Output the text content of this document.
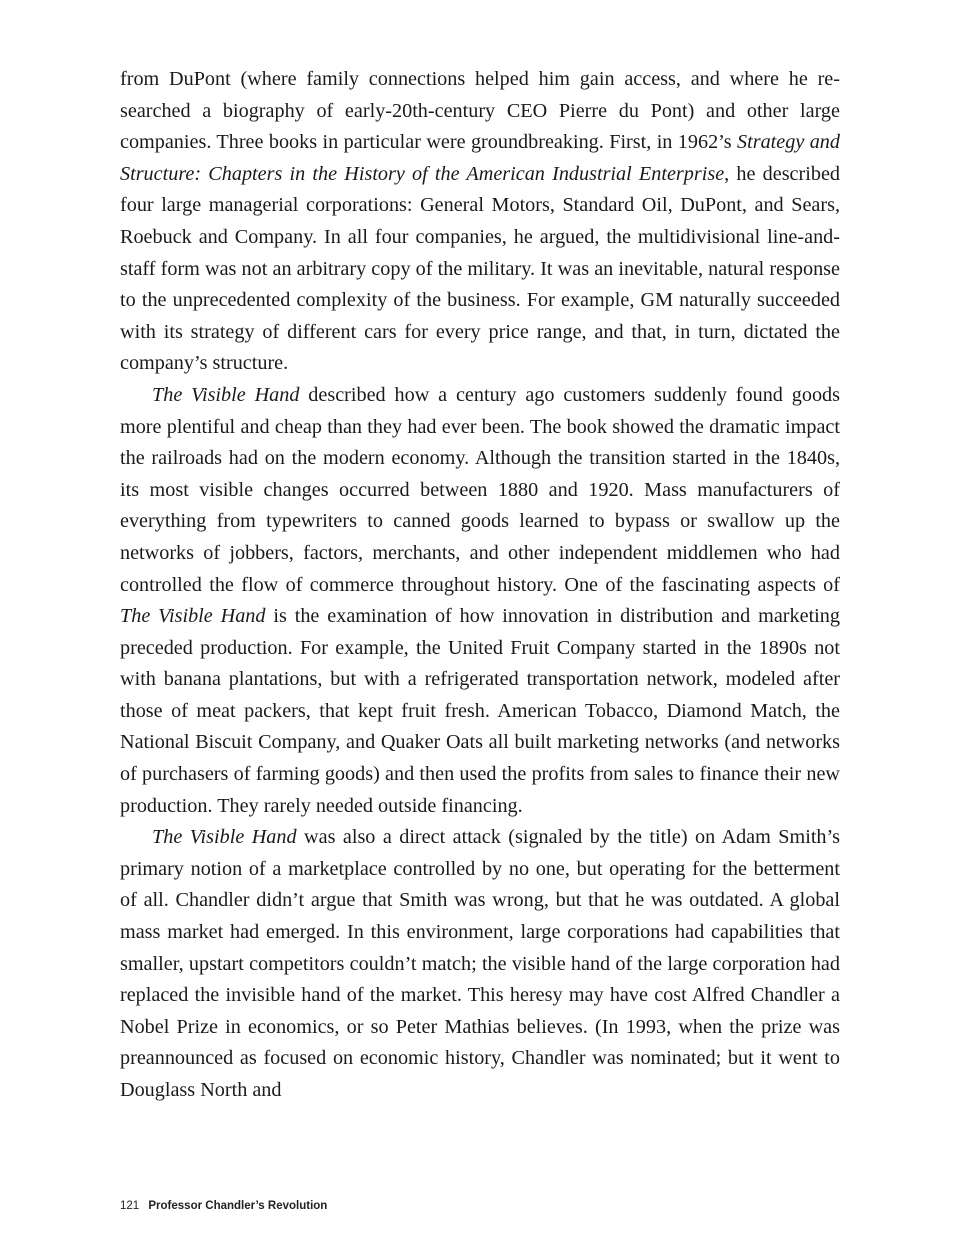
from DuPont (where family connections helped him gain access, and where he researched a biography of early-20th-century CEO Pierre du Pont) and other large companies. Three books in particular were groundbreaking. First, in 1962’s Strategy and Structure: Chapters in the History of the American Industrial Enterprise, he described four large managerial corporations: General Motors, Standard Oil, DuPont, and Sears, Roebuck and Company. In all four companies, he argued, the multidivisional line-and-staff form was not an arbitrary copy of the military. It was an inevitable, natural response to the unprecedented complexity of the business. For example, GM naturally succeeded with its strategy of different cars for every price range, and that, in turn, dictated the company’s structure.

The Visible Hand described how a century ago customers suddenly found goods more plentiful and cheap than they had ever been. The book showed the dramatic impact the railroads had on the modern economy. Although the transition started in the 1840s, its most visible changes occurred between 1880 and 1920. Mass manufacturers of everything from typewriters to canned goods learned to bypass or swallow up the networks of jobbers, factors, merchants, and other independent middlemen who had controlled the flow of commerce throughout history. One of the fascinating aspects of The Visible Hand is the examination of how innovation in distribution and marketing preceded production. For example, the United Fruit Company started in the 1890s not with banana plantations, but with a refrigerated transportation network, modeled after those of meat packers, that kept fruit fresh. American Tobacco, Diamond Match, the National Biscuit Company, and Quaker Oats all built marketing networks (and networks of purchasers of farming goods) and then used the profits from sales to finance their new production. They rarely needed outside financing.

The Visible Hand was also a direct attack (signaled by the title) on Adam Smith’s primary notion of a marketplace controlled by no one, but operating for the betterment of all. Chandler didn’t argue that Smith was wrong, but that he was outdated. A global mass market had emerged. In this environment, large corporations had capabilities that smaller, upstart competitors couldn’t match; the visible hand of the large corporation had replaced the invisible hand of the market. This heresy may have cost Alfred Chandler a Nobel Prize in economics, or so Peter Mathias believes. (In 1993, when the prize was preannounced as focused on economic history, Chandler was nominated; but it went to Douglass North and

121 Professor Chandler’s Revolution
